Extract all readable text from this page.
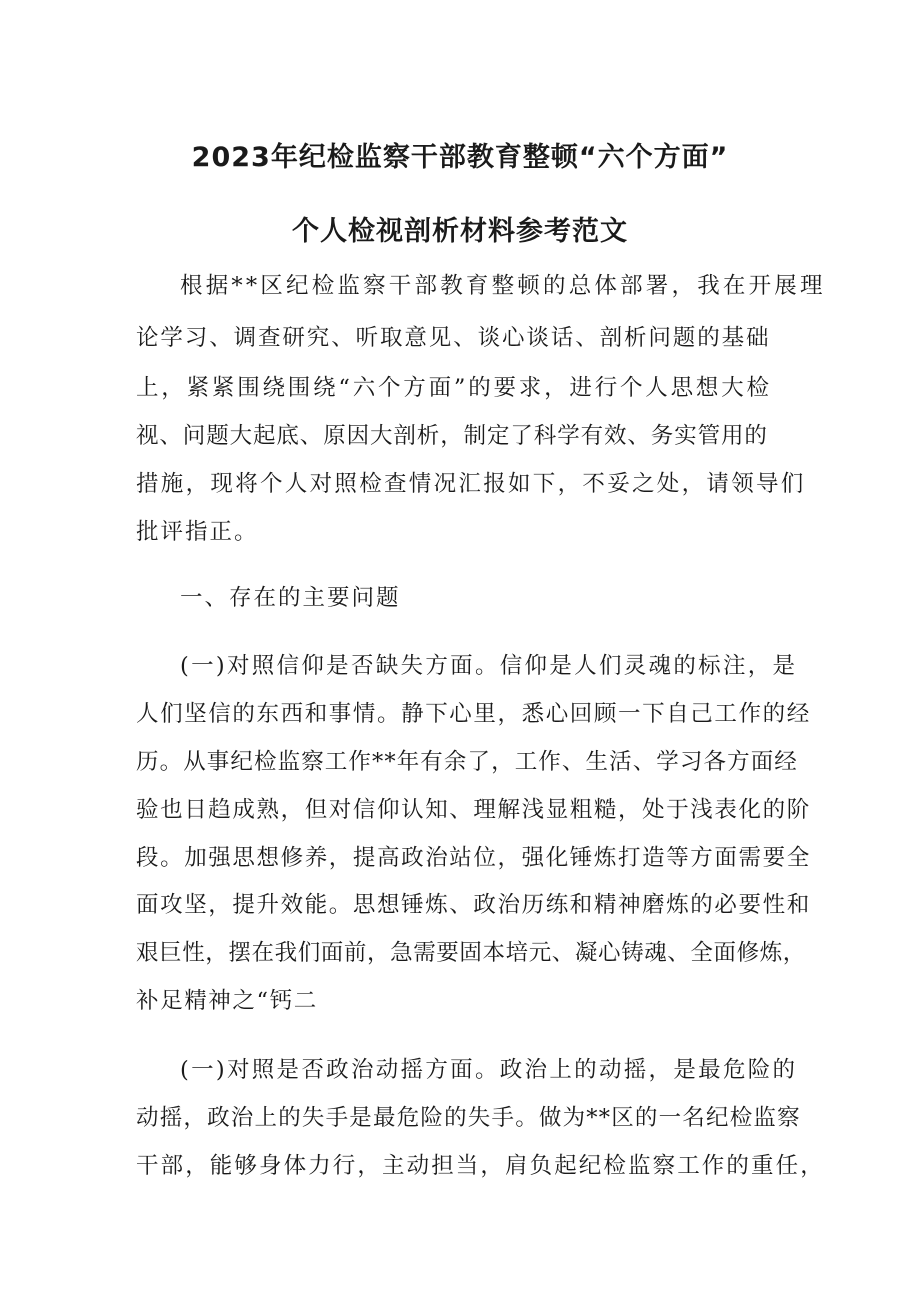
2023年纪检监察干部教育整顿“六个方面”
个人检视剖析材料参考范文

根据**区纪检监察干部教育整顿的总体部署，我在开展理

论学习、调查研究、听取意见、谈心谈话、剖析问题的基础

上，紧紧围绕围绕“六个方面”的要求，进行个人思想大检

视、问题大起底、原因大剖析，制定了科学有效、务实管用的

措施，现将个人对照检查情况汇报如下，不妥之处，请领导们

批评指正。

一、存在的主要问题

(一)对照信仰是否缺失方面。信仰是人们灵魂的标注，是

人们坚信的东西和事情。静下心里，悉心回顾一下自己工作的经

历。从事纪检监察工作**年有余了，工作、生活、学习各方面经

验也日趋成熟，但对信仰认知、理解浅显粗糙，处于浅表化的阶

段。加强思想修养，提高政治站位，强化锤炼打造等方面需要全

面攻坚，提升效能。思想锤炼、政治历练和精神磨炼的必要性和

艰巨性，摆在我们面前，急需要固本培元、凝心铸魂、全面修炼，

补足精神之“钙二

(一)对照是否政治动摇方面。政治上的动摇，是最危险的

动摇，政治上的失手是最危险的失手。做为**区的一名纪检监察

干部，能够身体力行，主动担当，肩负起纪检监察工作的重任，
